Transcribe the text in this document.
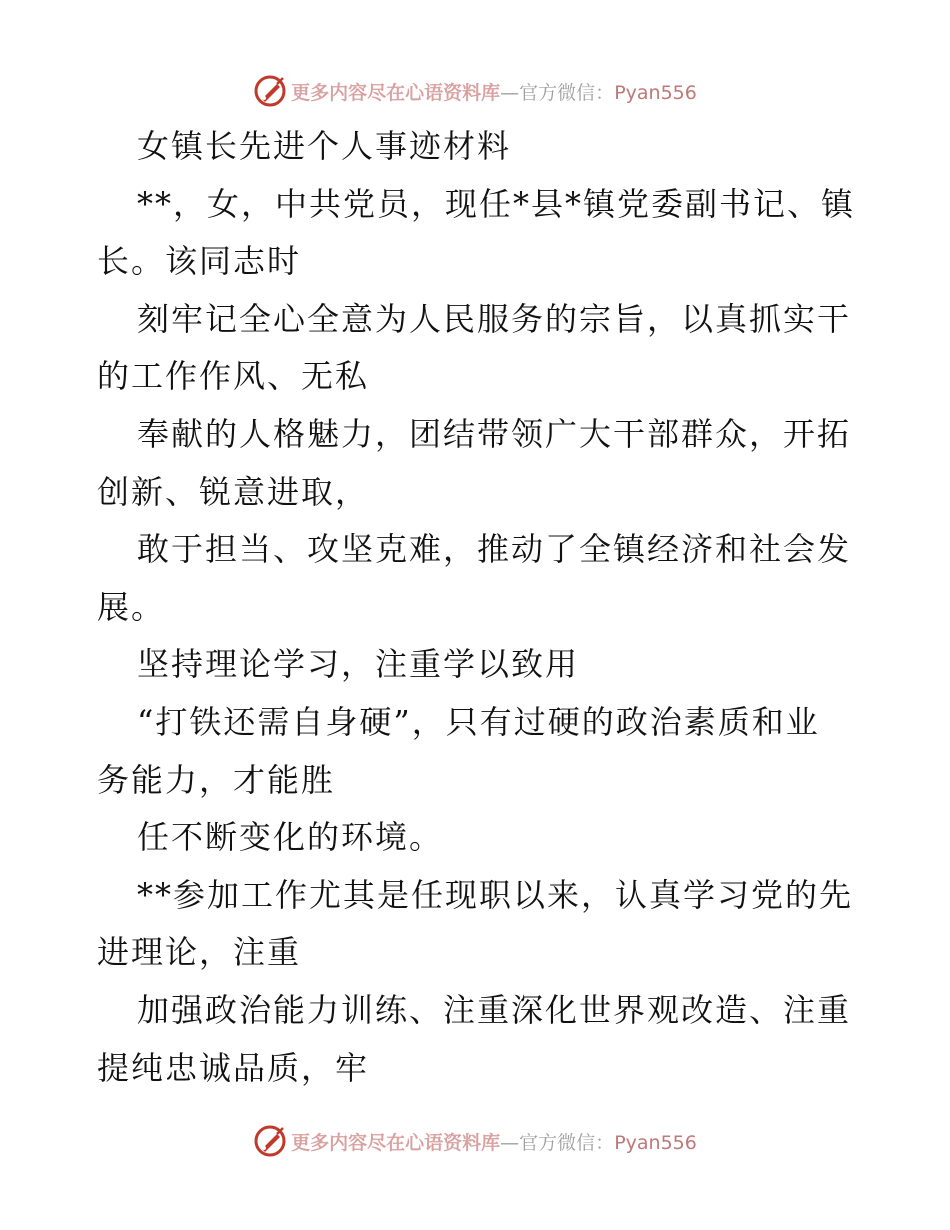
更多内容尽在心语资料库—官方微信：Pyan556
女镇长先进个人事迹材料
**，女，中共党员，现任*县*镇党委副书记、镇
长。该同志时
刻牢记全心全意为人民服务的宗旨，以真抓实干
的工作作风、无私
奉献的人格魅力，团结带领广大干部群众，开拓
创新、锐意进取，
敢于担当、攻坚克难，推动了全镇经济和社会发
展。
坚持理论学习，注重学以致用
“打铁还需自身硬”，只有过硬的政治素质和业
务能力，才能胜
任不断变化的环境。
**参加工作尤其是任现职以来，认真学习党的先
进理论，注重
加强政治能力训练、注重深化世界观改造、注重
提纯忠诚品质，牢
更多内容尽在心语资料库—官方微信：Pyan556
